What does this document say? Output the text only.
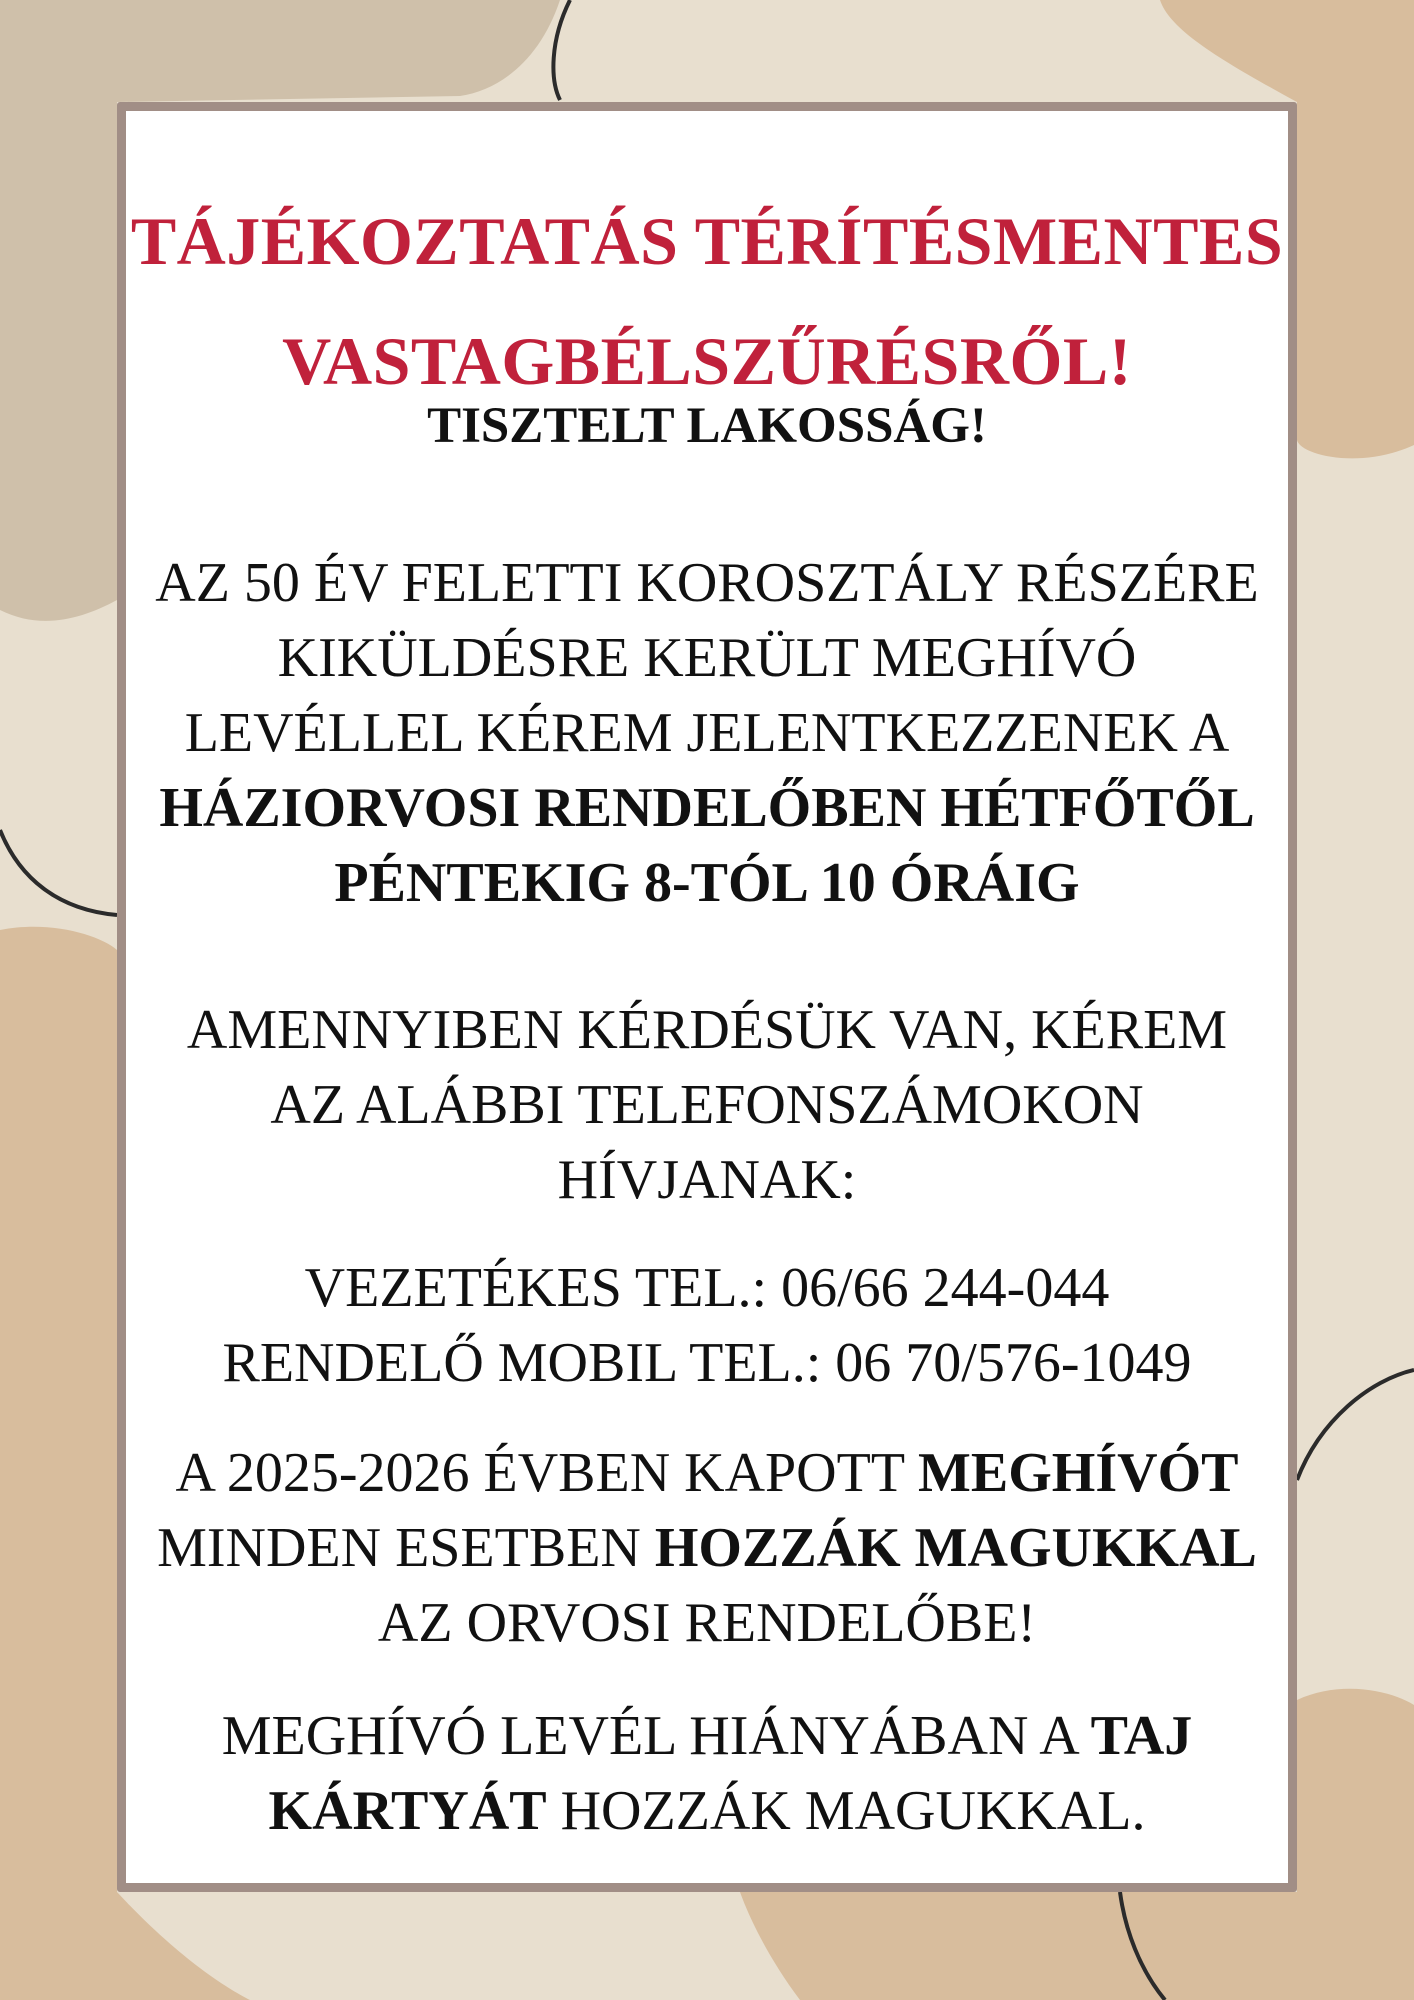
TÁJÉKOZTATÁS TÉRÍTÉSMENTES
VASTAGBÉLSZŰRÉSRŐL!

TISZTELT LAKOSSÁG!

AZ 50 ÉV FELETTI KOROSZTÁLY RÉSZÉRE
KIKÜLDÉSRE KERÜLT MEGHÍVÓ
LEVÉLLEL KÉREM JELENTKEZZENEK A
HÁZIORVOSI RENDELŐBEN HÉTFŐTŐL
PÉNTEKIG 8-TÓL 10 ÓRÁIG

AMENNYIBEN KÉRDÉSÜK VAN, KÉREM
AZ ALÁBBI TELEFONSZÁMOKON
HÍVJANAK:

VEZETÉKES TEL.: 06/66 244-044
RENDELŐ MOBIL TEL.: 06 70/576-1049

A 2025-2026 ÉVBEN KAPOTT MEGHÍVÓT
MINDEN ESETBEN HOZZÁK MAGUKKAL
AZ ORVOSI RENDELŐBE!

MEGHÍVÓ LEVÉL HIÁNYÁBAN A TAJ
KÁRTYÁT HOZZÁK MAGUKKAL.
